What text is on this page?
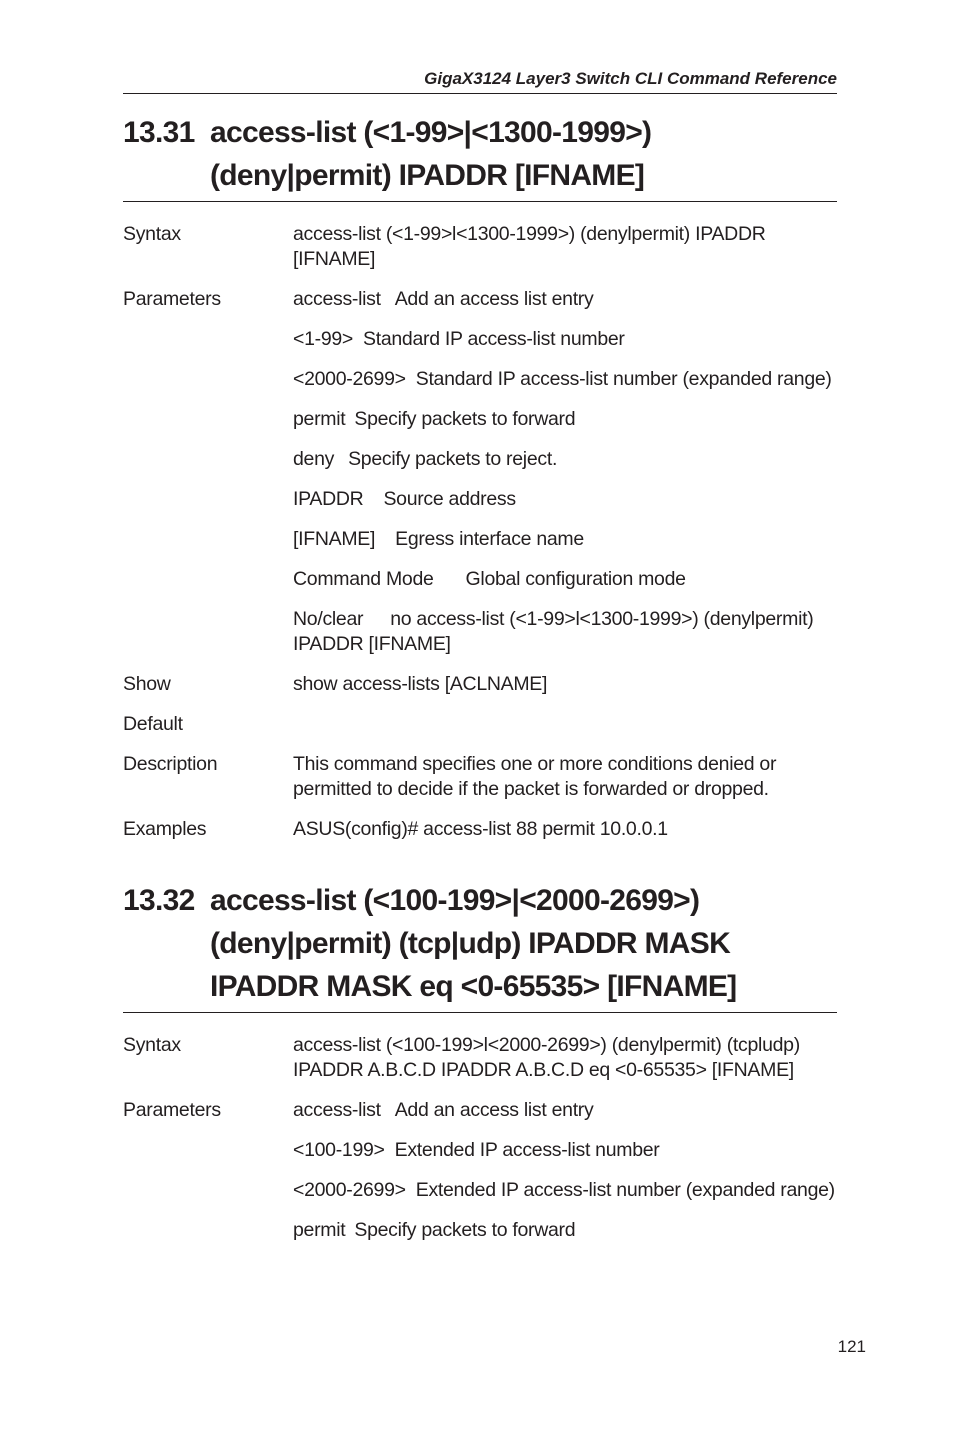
GigaX3124 Layer3 Switch CLI Command Reference
13.31 access-list (<1-99>|<1300-1999>)
(deny|permit) IPADDR [IFNAME]
Syntax	access-list (<1-99>l<1300-1999>) (denylpermit) IPADDR [IFNAME]
Parameters	access-list Add an access list entry
<1-99> Standard IP access-list number
<2000-2699> Standard IP access-list number (expanded range)
permit Specify packets to forward
deny Specify packets to reject.
IPADDR Source address
[IFNAME] Egress interface name
Command Mode Global configuration mode
No/clear no access-list (<1-99>l<1300-1999>) (denylpermit) IPADDR [IFNAME]
Show	show access-lists [ACLNAME]
Default

Description	This command specifies one or more conditions denied or permitted to decide if the packet is forwarded or dropped.
Examples	ASUS(config)# access-list 88 permit 10.0.0.1
13.32 access-list (<100-199>|<2000-2699>)
(deny|permit) (tcp|udp) IPADDR MASK
IPADDR MASK eq <0-65535> [IFNAME]
Syntax	access-list (<100-199>l<2000-2699>) (denylpermit) (tcpludp) IPADDR A.B.C.D IPADDR A.B.C.D eq <0-65535> [IFNAME]
Parameters	access-list Add an access list entry
<100-199> Extended IP access-list number
<2000-2699> Extended IP access-list number (expanded range)
permit Specify packets to forward
121
